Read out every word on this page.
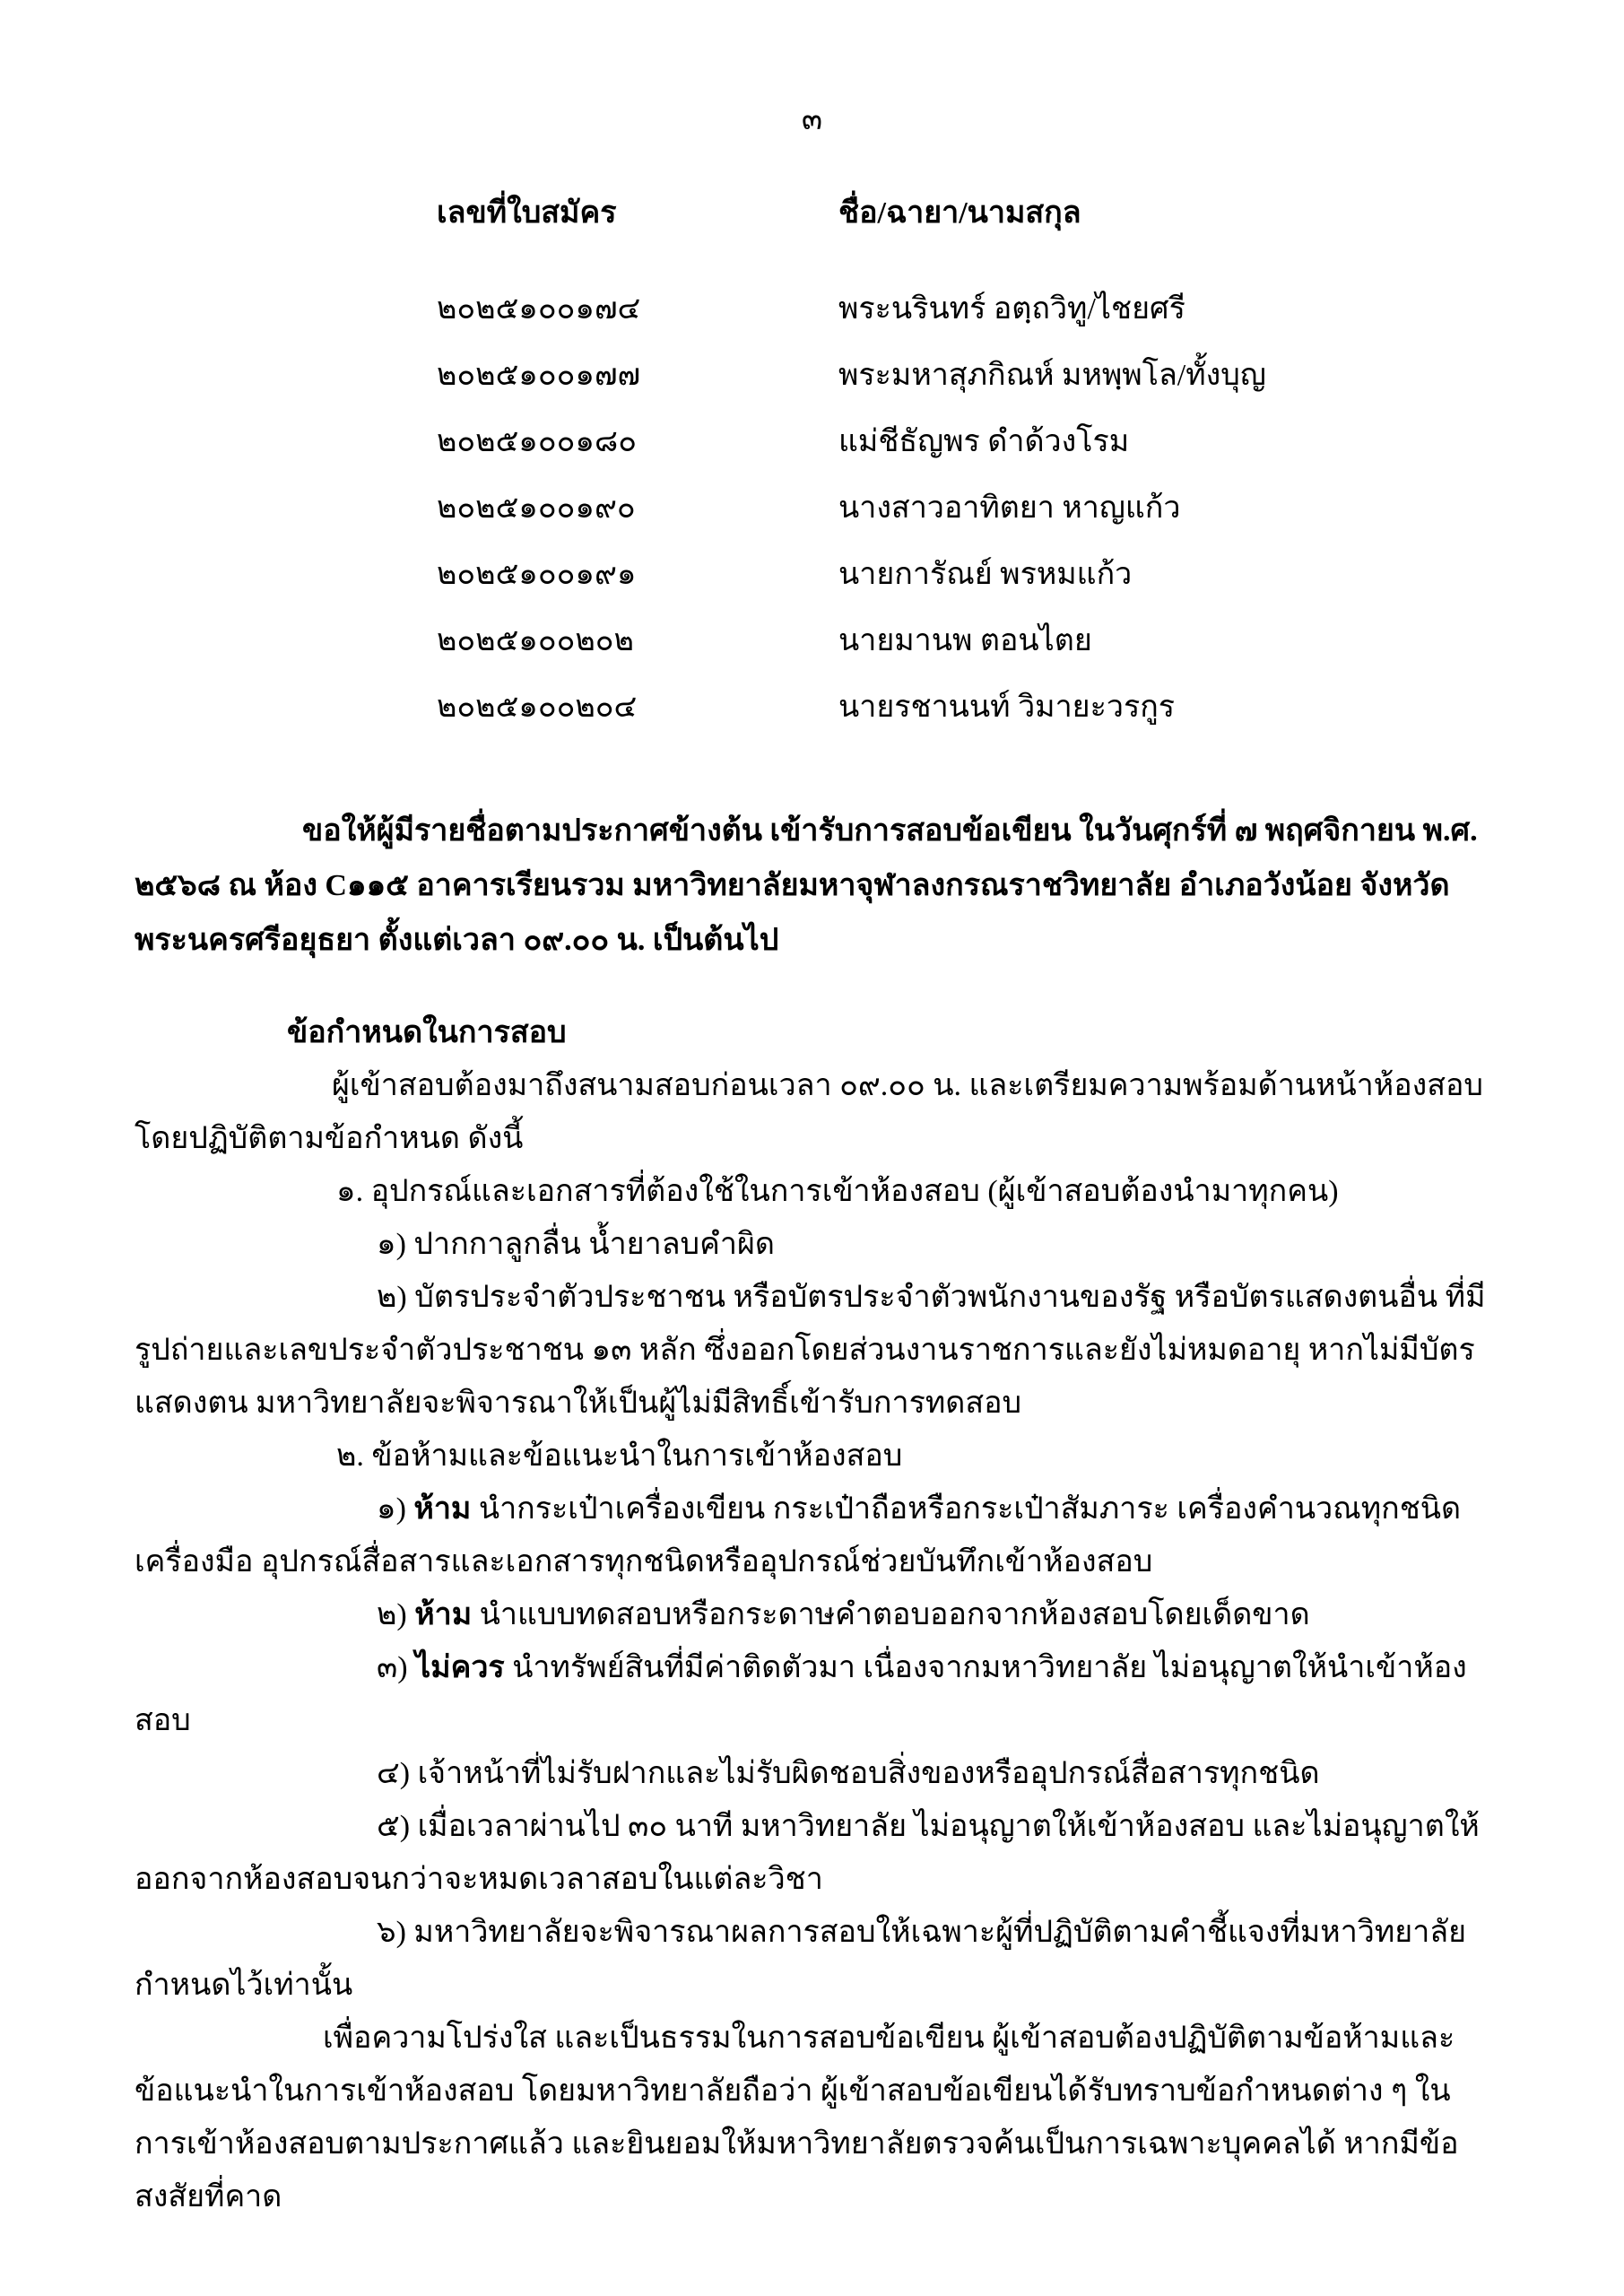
๓
เลขที่ใบสมัคร	ชื่อ/ฉายา/นามสกุล
๒๐๒๕๑๐๐๑๗๔	พระนรินทร์ อตฺถวิทู/ไชยศรี
๒๐๒๕๑๐๐๑๗๗	พระมหาสุภกิณห์ มหพฺพโล/ทั้งบุญ
๒๐๒๕๑๐๐๑๘๐	แม่ชีธัญพร ดำด้วงโรม
๒๐๒๕๑๐๐๑๙๐	นางสาวอาทิตยา หาญแก้ว
๒๐๒๕๑๐๐๑๙๑	นายการัณย์ พรหมแก้ว
๒๐๒๕๑๐๐๒๐๒	นายมานพ ตอนไตย
๒๐๒๕๑๐๐๒๐๔	นายรชานนท์ วิมายะวรกูร

ขอให้ผู้มีรายชื่อตามประกาศข้างต้น เข้ารับการสอบข้อเขียน ในวันศุกร์ที่ ๗ พฤศจิกายน พ.ศ. ๒๕๖๘ ณ ห้อง C๑๑๕ อาคารเรียนรวม มหาวิทยาลัยมหาจุฬาลงกรณราชวิทยาลัย อำเภอวังน้อย จังหวัดพระนครศรีอยุธยา ตั้งแต่เวลา ๐๙.๐๐ น. เป็นต้นไป

ข้อกำหนดในการสอบ

ผู้เข้าสอบต้องมาถึงสนามสอบก่อนเวลา ๐๙.๐๐ น. และเตรียมความพร้อมด้านหน้าห้องสอบ โดยปฏิบัติตามข้อกำหนด ดังนี้

๑. อุปกรณ์และเอกสารที่ต้องใช้ในการเข้าห้องสอบ (ผู้เข้าสอบต้องนำมาทุกคน)

๑) ปากกาลูกลื่น น้ำยาลบคำผิด

๒) บัตรประจำตัวประชาชน หรือบัตรประจำตัวพนักงานของรัฐ หรือบัตรแสดงตนอื่น ที่มีรูปถ่ายและเลขประจำตัวประชาชน ๑๓ หลัก ซึ่งออกโดยส่วนงานราชการและยังไม่หมดอายุ หากไม่มีบัตรแสดงตน มหาวิทยาลัยจะพิจารณาให้เป็นผู้ไม่มีสิทธิ์เข้ารับการทดสอบ

๒. ข้อห้ามและข้อแนะนำในการเข้าห้องสอบ

๑) ห้าม นำกระเป๋าเครื่องเขียน กระเป๋าถือหรือกระเป๋าสัมภาระ เครื่องคำนวณทุกชนิด เครื่องมือ อุปกรณ์สื่อสารและเอกสารทุกชนิดหรืออุปกรณ์ช่วยบันทึกเข้าห้องสอบ

๒) ห้าม นำแบบทดสอบหรือกระดาษคำตอบออกจากห้องสอบโดยเด็ดขาด

๓) ไม่ควร นำทรัพย์สินที่มีค่าติดตัวมา เนื่องจากมหาวิทยาลัย ไม่อนุญาตให้นำเข้าห้องสอบ

๔) เจ้าหน้าที่ไม่รับฝากและไม่รับผิดชอบสิ่งของหรืออุปกรณ์สื่อสารทุกชนิด

๕) เมื่อเวลาผ่านไป ๓๐ นาที มหาวิทยาลัย ไม่อนุญาตให้เข้าห้องสอบ และไม่อนุญาตให้ออกจากห้องสอบจนกว่าจะหมดเวลาสอบในแต่ละวิชา

๖) มหาวิทยาลัยจะพิจารณาผลการสอบให้เฉพาะผู้ที่ปฏิบัติตามคำชี้แจงที่มหาวิทยาลัยกำหนดไว้เท่านั้น

เพื่อความโปร่งใส และเป็นธรรมในการสอบข้อเขียน ผู้เข้าสอบต้องปฏิบัติตามข้อห้ามและข้อแนะนำในการเข้าห้องสอบ โดยมหาวิทยาลัยถือว่า ผู้เข้าสอบข้อเขียนได้รับทราบข้อกำหนดต่าง ๆ ในการเข้าห้องสอบตามประกาศแล้ว และยินยอมให้มหาวิทยาลัยตรวจค้นเป็นการเฉพาะบุคคลได้ หากมีข้อสงสัยที่คาด
